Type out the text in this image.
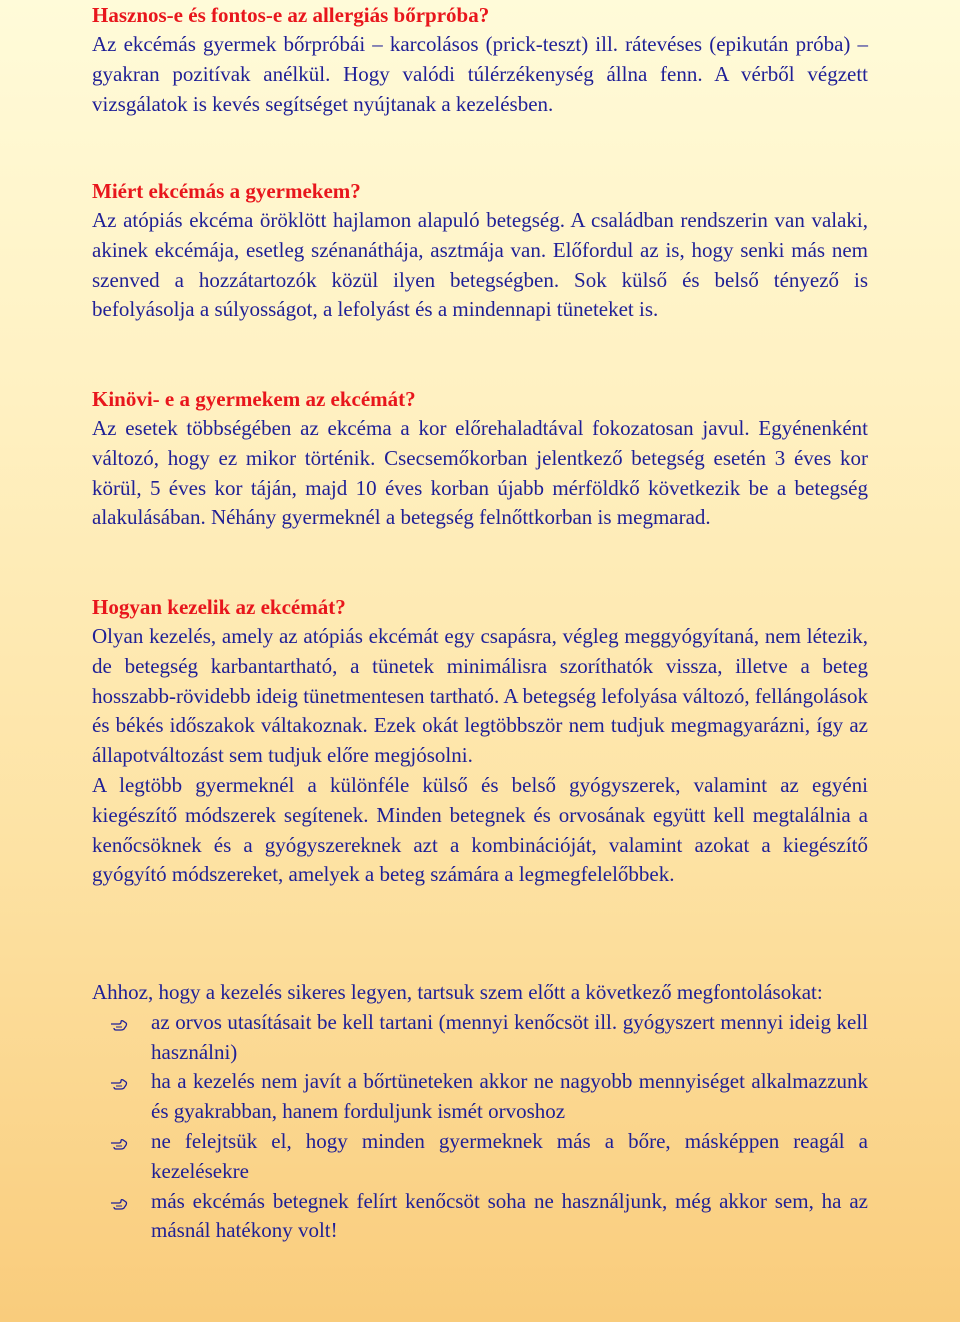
Hasznos-e és fontos-e az allergiás bőrpróba?

Az ekcémás gyermek bőrpróbái – karcolásos (prick-teszt) ill. rátevéses (epikután próba) – gyakran pozitívak anélkül. Hogy valódi túlérzékenység állna fenn. A vérből végzett vizsgálatok is kevés segítséget nyújtanak a kezelésben.

Miért ekcémás a gyermekem?

Az atópiás ekcéma öröklött hajlamon alapuló betegség. A családban rendszerin van valaki, akinek ekcémája, esetleg szénanáthája, asztmája van. Előfordul az is, hogy senki más nem szenved a hozzátartozók közül ilyen betegségben. Sok külső és belső tényező is befolyásolja a súlyosságot, a lefolyást és a mindennapi tüneteket is.

Kinövi- e a gyermekem az ekcémát?

Az esetek többségében az ekcéma a kor előrehaladtával fokozatosan javul. Egyénenként változó, hogy ez mikor történik. Csecsemőkorban jelentkező betegség esetén 3 éves kor körül, 5 éves kor táján, majd 10 éves korban újabb mérföldkő következik be a betegség alakulásában. Néhány gyermeknél a betegség felnőttkorban is megmarad.

Hogyan kezelik az ekcémát?

Olyan kezelés, amely az atópiás ekcémát egy csapásra, végleg meggyógyítaná, nem létezik, de betegség karbantartható, a tünetek minimálisra szoríthatók vissza, illetve a beteg hosszabb-rövidebb ideig tünetmentesen tartható. A betegség lefolyása változó, fellángolások és békés időszakok váltakoznak. Ezek okát legtöbbször nem tudjuk megmagyarázni, így az állapotváltozást sem tudjuk előre megjósolni.

A legtöbb gyermeknél a különféle külső és belső gyógyszerek, valamint az egyéni kiegészítő módszerek segítenek. Minden betegnek és orvosának együtt kell megtalálnia a kenőcsöknek és a gyógyszereknek azt a kombinációját, valamint azokat a kiegészítő gyógyító módszereket, amelyek a beteg számára a legmegfelelőbbek.

Ahhoz, hogy a kezelés sikeres legyen, tartsuk szem előtt a következő megfontolásokat:

az orvos utasításait be kell tartani (mennyi kenőcsöt ill. gyógyszert mennyi ideig kell használni)
ha a kezelés nem javít a bőrtüneteken akkor ne nagyobb mennyiséget alkalmazzunk és gyakrabban, hanem forduljunk ismét orvoshoz
ne felejtsük el, hogy minden gyermeknek más a bőre, másképpen reagál a kezelésekre
más ekcémás betegnek felírt kenőcsöt soha ne használjunk, még akkor sem, ha az másnál hatékony volt!
